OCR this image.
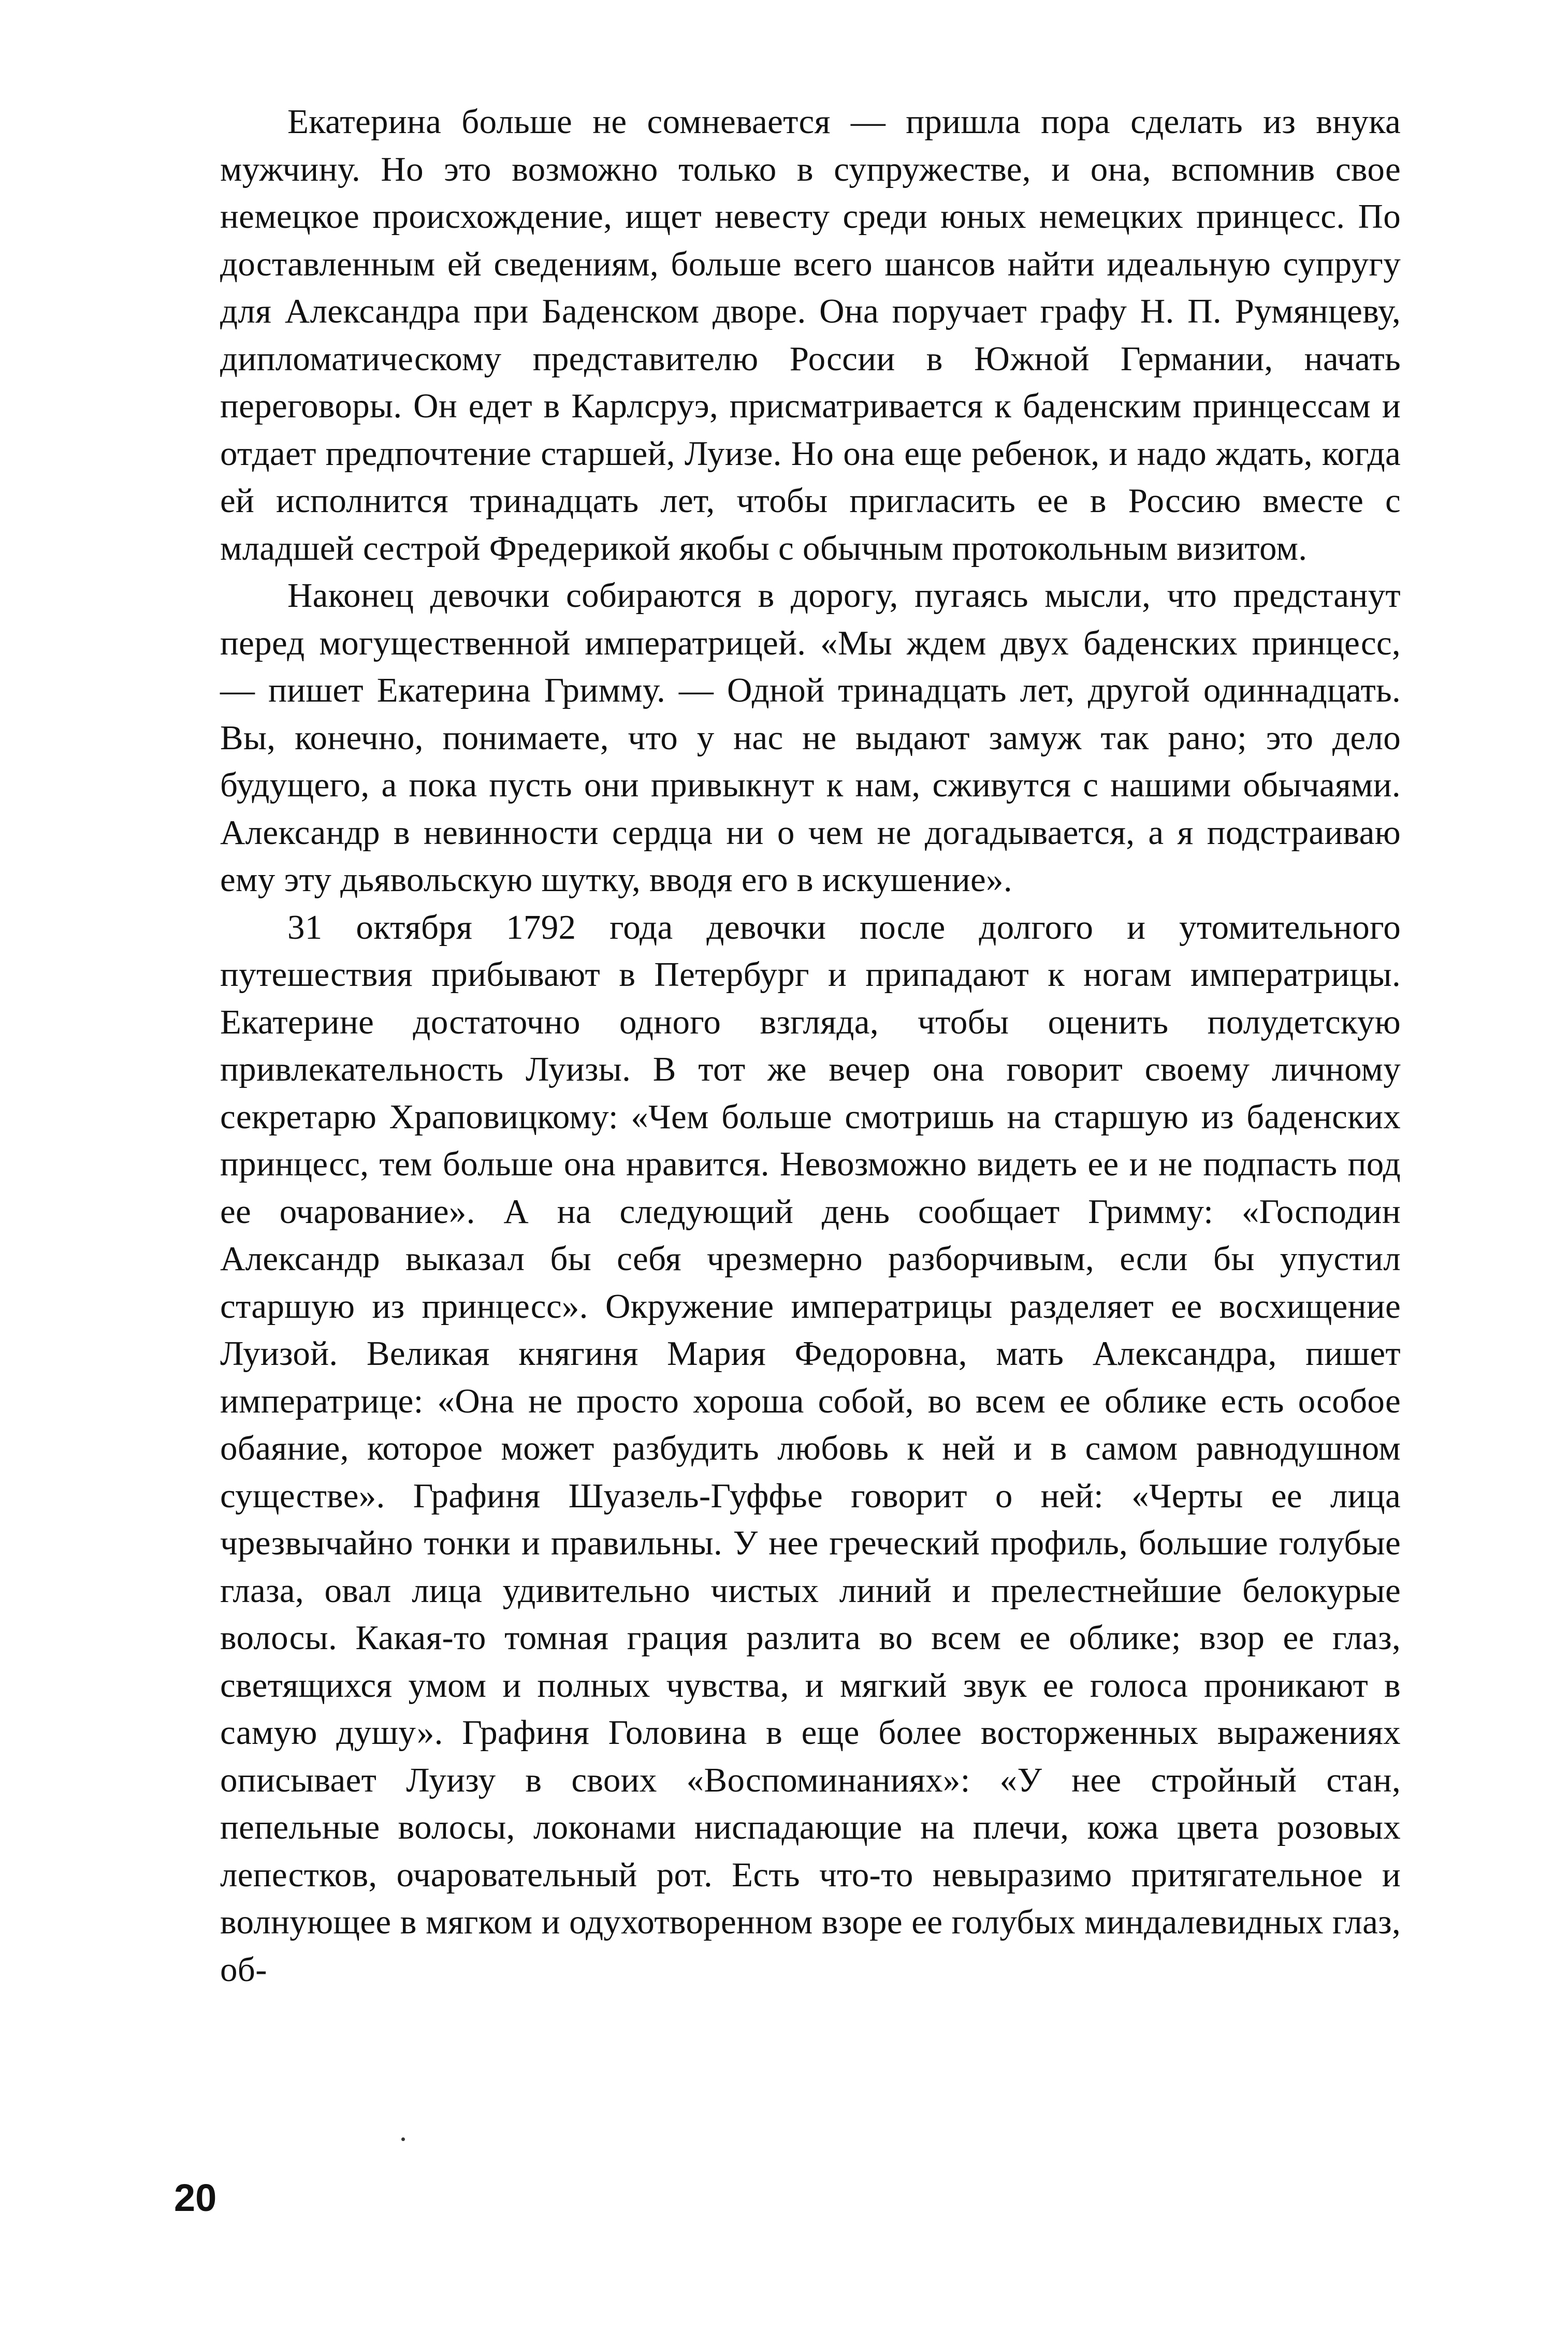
Екатерина больше не сомневается — пришла пора сделать из внука мужчину. Но это возможно только в супружестве, и она, вспомнив свое немецкое происхождение, ищет невесту среди юных немецких принцесс. По доставленным ей сведениям, больше всего шансов найти идеальную супругу для Александра при Баденском дворе. Она поручает графу Н. П. Румянцеву, дипломатическому представителю России в Южной Германии, начать переговоры. Он едет в Карлсруэ, присматривается к баденским принцессам и отдает предпочтение старшей, Луизе. Но она еще ребенок, и надо ждать, когда ей исполнится тринадцать лет, чтобы пригласить ее в Россию вместе с младшей сестрой Фредерикой якобы с обычным протокольным визитом.

Наконец девочки собираются в дорогу, пугаясь мысли, что предстанут перед могущественной императрицей. «Мы ждем двух баденских принцесс, — пишет Екатерина Гримму. — Одной тринадцать лет, другой одиннадцать. Вы, конечно, понимаете, что у нас не выдают замуж так рано; это дело будущего, а пока пусть они привыкнут к нам, сживутся с нашими обычаями. Александр в невинности сердца ни о чем не догадывается, а я подстраиваю ему эту дьявольскую шутку, вводя его в искушение».

31 октября 1792 года девочки после долгого и утомительного путешествия прибывают в Петербург и припадают к ногам императрицы. Екатерине достаточно одного взгляда, чтобы оценить полудетскую привлекательность Луизы. В тот же вечер она говорит своему личному секретарю Храповицкому: «Чем больше смотришь на старшую из баденских принцесс, тем больше она нравится. Невозможно видеть ее и не подпасть под ее очарование». А на следующий день сообщает Гримму: «Господин Александр выказал бы себя чрезмерно разборчивым, если бы упустил старшую из принцесс». Окружение императрицы разделяет ее восхищение Луизой. Великая княгиня Мария Федоровна, мать Александра, пишет императрице: «Она не просто хороша собой, во всем ее облике есть особое обаяние, которое может разбудить любовь к ней и в самом равнодушном существе». Графиня Шуазель-Гуффье говорит о ней: «Черты ее лица чрезвычайно тонки и правильны. У нее греческий профиль, большие голубые глаза, овал лица удивительно чистых линий и прелестнейшие белокурые волосы. Какая-то томная грация разлита во всем ее облике; взор ее глаз, светящихся умом и полных чувства, и мягкий звук ее голоса проникают в самую душу». Графиня Головина в еще более восторженных выражениях описывает Луизу в своих «Воспоминаниях»: «У нее стройный стан, пепельные волосы, локонами ниспадающие на плечи, кожа цвета розовых лепестков, очаровательный рот. Есть что-то невыразимо притягательное и волнующее в мягком и одухотворенном взоре ее голубых миндалевидных глаз, об-

20
